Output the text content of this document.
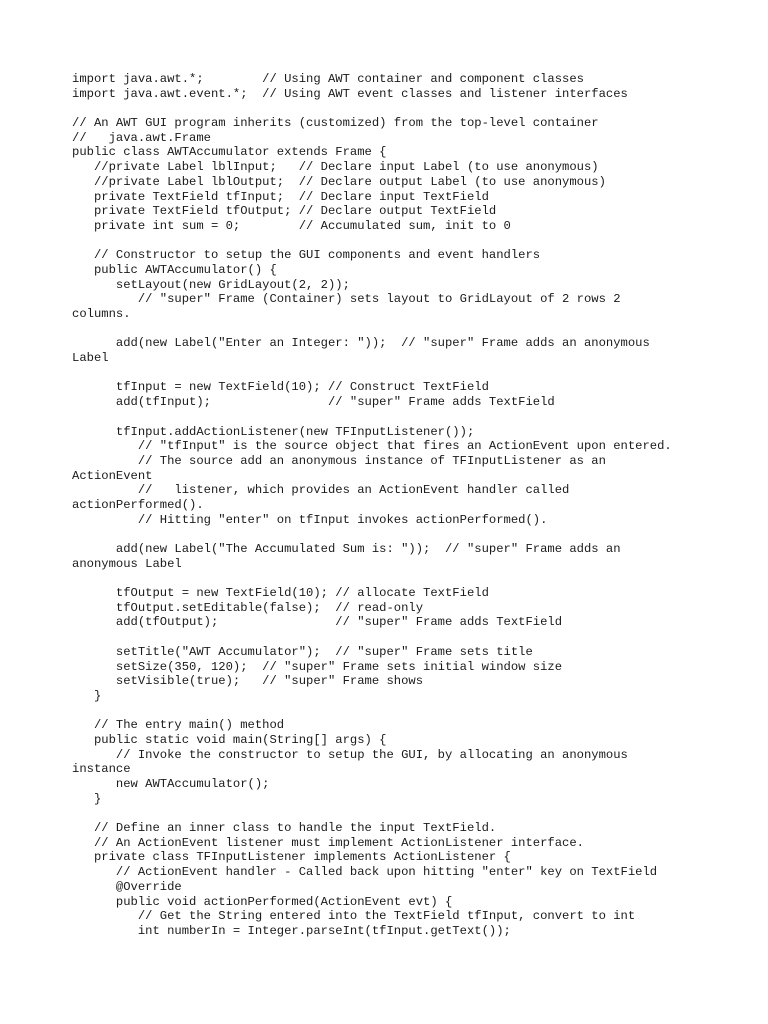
import java.awt.*;        // Using AWT container and component classes
import java.awt.event.*;  // Using AWT event classes and listener interfaces
// An AWT GUI program inherits (customized) from the top-level container
//   java.awt.Frame
public class AWTAccumulator extends Frame {
//private Label lblInput;   // Declare input Label (to use anonymous)
//private Label lblOutput;  // Declare output Label (to use anonymous)
private TextField tfInput;  // Declare input TextField
private TextField tfOutput; // Declare output TextField
private int sum = 0;        // Accumulated sum, init to 0
// Constructor to setup the GUI components and event handlers
public AWTAccumulator() {
setLayout(new GridLayout(2, 2));
// "super" Frame (Container) sets layout to GridLayout of 2 rows 2
columns.
add(new Label("Enter an Integer: "));  // "super" Frame adds an anonymous
Label
tfInput = new TextField(10); // Construct TextField
add(tfInput);                // "super" Frame adds TextField
tfInput.addActionListener(new TFInputListener());
// "tfInput" is the source object that fires an ActionEvent upon entered.
// The source add an anonymous instance of TFInputListener as an
ActionEvent
//   listener, which provides an ActionEvent handler called
actionPerformed().
// Hitting "enter" on tfInput invokes actionPerformed().
add(new Label("The Accumulated Sum is: "));  // "super" Frame adds an
anonymous Label
tfOutput = new TextField(10); // allocate TextField
tfOutput.setEditable(false);  // read-only
add(tfOutput);                // "super" Frame adds TextField
setTitle("AWT Accumulator");  // "super" Frame sets title
setSize(350, 120);  // "super" Frame sets initial window size
setVisible(true);   // "super" Frame shows
}
// The entry main() method
public static void main(String[] args) {
// Invoke the constructor to setup the GUI, by allocating an anonymous
instance
new AWTAccumulator();
}
// Define an inner class to handle the input TextField.
// An ActionEvent listener must implement ActionListener interface.
private class TFInputListener implements ActionListener {
// ActionEvent handler - Called back upon hitting "enter" key on TextField
@Override
public void actionPerformed(ActionEvent evt) {
// Get the String entered into the TextField tfInput, convert to int
int numberIn = Integer.parseInt(tfInput.getText());
